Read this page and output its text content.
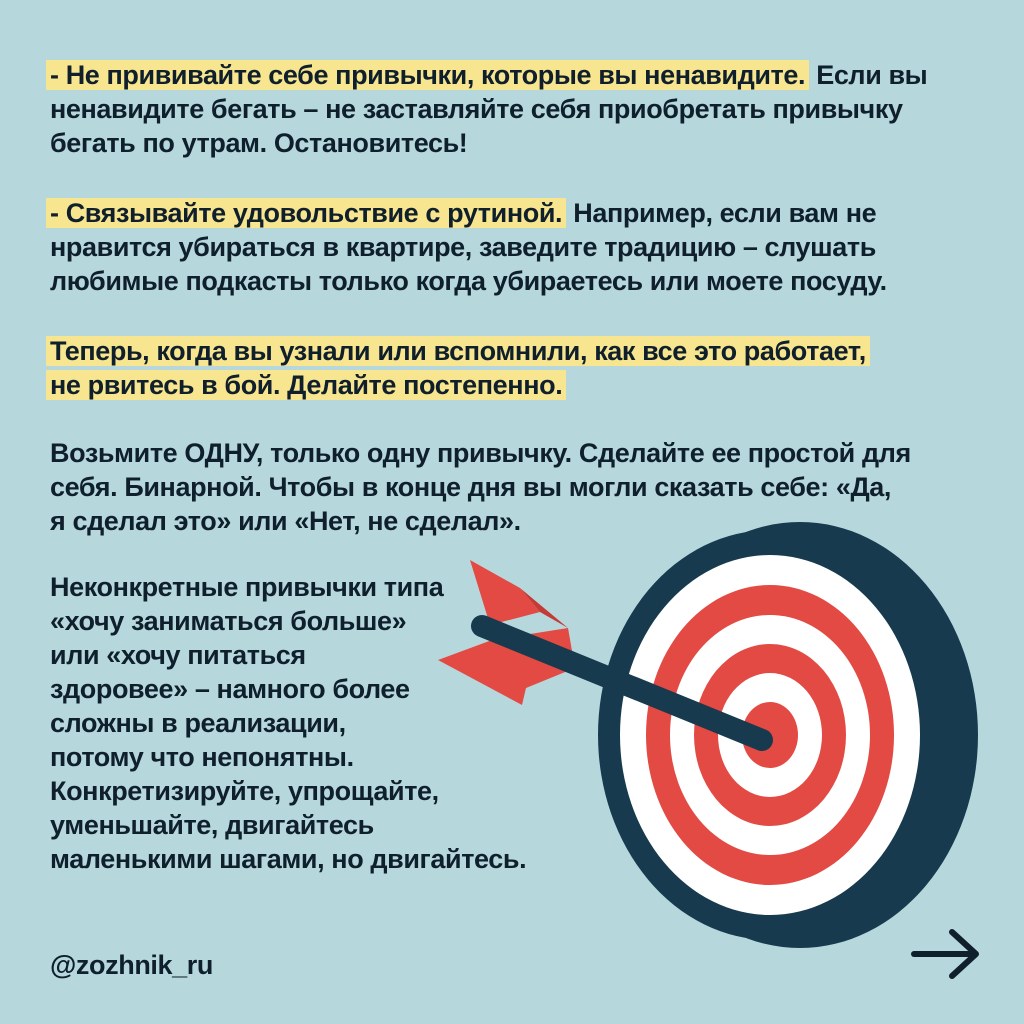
- Не прививайте себе привычки, которые вы ненавидите. Если вы
ненавидите бегать – не заставляйте себя приобретать привычку
бегать по утрам. Остановитесь!
- Связывайте удовольствие с рутиной. Например, если вам не
нравится убираться в квартире, заведите традицию – слушать
любимые подкасты только когда убираетесь или моете посуду.
Теперь, когда вы узнали или вспомнили, как все это работает,
не рвитесь в бой. Делайте постепенно.
Возьмите ОДНУ, только одну привычку. Сделайте ее простой для
себя. Бинарной. Чтобы в конце дня вы могли сказать себе: «Да,
я сделал это» или «Нет, не сделал».
Неконкретные привычки типа
«хочу заниматься больше»
или «хочу питаться
здоровее» – намного более
сложны в реализации,
потому что непонятны.
Конкретизируйте, упрощайте,
уменьшайте, двигайтесь
маленькими шагами, но двигайтесь.
@zozhnik_ru
